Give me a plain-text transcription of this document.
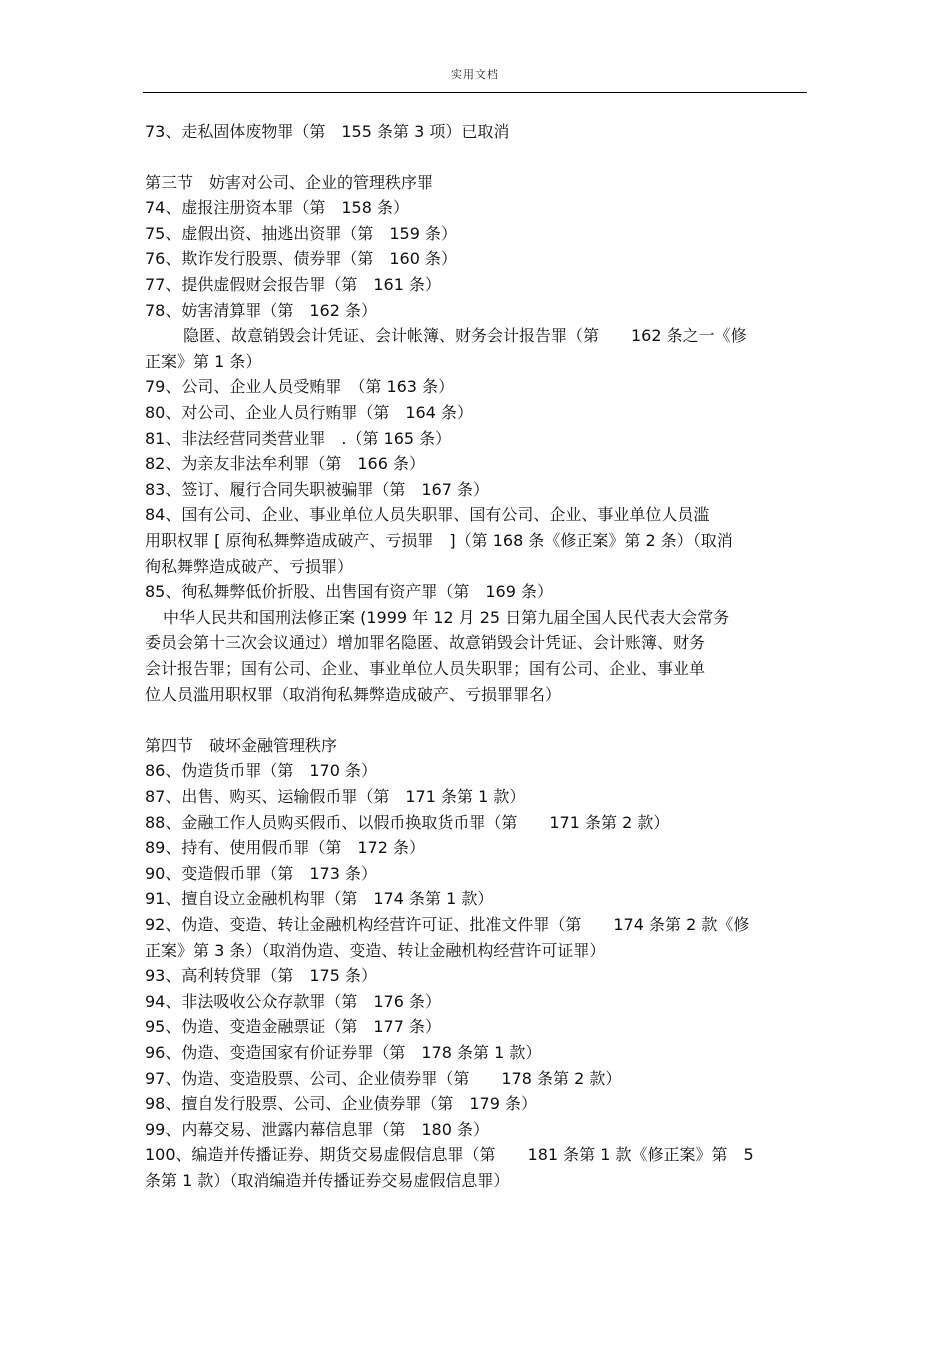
实用文档
73、走私固体废物罪（第　155 条第 3 项）已取消
第三节　妨害对公司、企业的管理秩序罪
74、虚报注册资本罪（第　158 条）
75、虚假出资、抽逃出资罪（第　159 条）
76、欺诈发行股票、债券罪（第　160 条）
77、提供虚假财会报告罪（第　161 条）
78、妨害清算罪（第　162 条）
隐匿、故意销毁会计凭证、会计帐簿、财务会计报告罪（第　　162 条之一《修
正案》第 1 条）
79、公司、企业人员受贿罪　（第 163 条）
80、对公司、企业人员行贿罪（第　164 条）
81、非法经营同类营业罪　.（第 165 条）
82、为亲友非法牟利罪（第　166 条）
83、签订、履行合同失职被骗罪（第　167 条）
84、国有公司、企业、事业单位人员失职罪、国有公司、企业、事业单位人员滥
用职权罪 [ 原徇私舞弊造成破产、亏损罪　]（第 168 条《修正案》第 2 条）（取消
徇私舞弊造成破产、亏损罪）
85、徇私舞弊低价折股、出售国有资产罪（第　169 条）
中华人民共和国刑法修正案 (1999 年 12 月 25 日第九届全国人民代表大会常务
委员会第十三次会议通过）增加罪名隐匿、故意销毁会计凭证、会计账簿、财务
会计报告罪；国有公司、企业、事业单位人员失职罪；国有公司、企业、事业单
位人员滥用职权罪（取消徇私舞弊造成破产、亏损罪罪名）
第四节　破坏金融管理秩序
86、伪造货币罪（第　170 条）
87、出售、购买、运输假币罪（第　171 条第 1 款）
88、金融工作人员购买假币、以假币换取货币罪（第　　171 条第 2 款）
89、持有、使用假币罪（第　172 条）
90、变造假币罪（第　173 条）
91、擅自设立金融机构罪（第　174 条第 1 款）
92、伪造、变造、转让金融机构经营许可证、批准文件罪（第　　174 条第 2 款《修
正案》第 3 条）（取消伪造、变造、转让金融机构经营许可证罪）
93、高利转贷罪（第　175 条）
94、非法吸收公众存款罪（第　176 条）
95、伪造、变造金融票证（第　177 条）
96、伪造、变造国家有价证券罪（第　178 条第 1 款）
97、伪造、变造股票、公司、企业债券罪（第　　178 条第 2 款）
98、擅自发行股票、公司、企业债券罪（第　179 条）
99、内幕交易、泄露内幕信息罪（第　180 条）
100、编造并传播证券、期货交易虚假信息罪（第　　181 条第 1 款《修正案》第　5
条第 1 款）（取消编造并传播证券交易虚假信息罪）
